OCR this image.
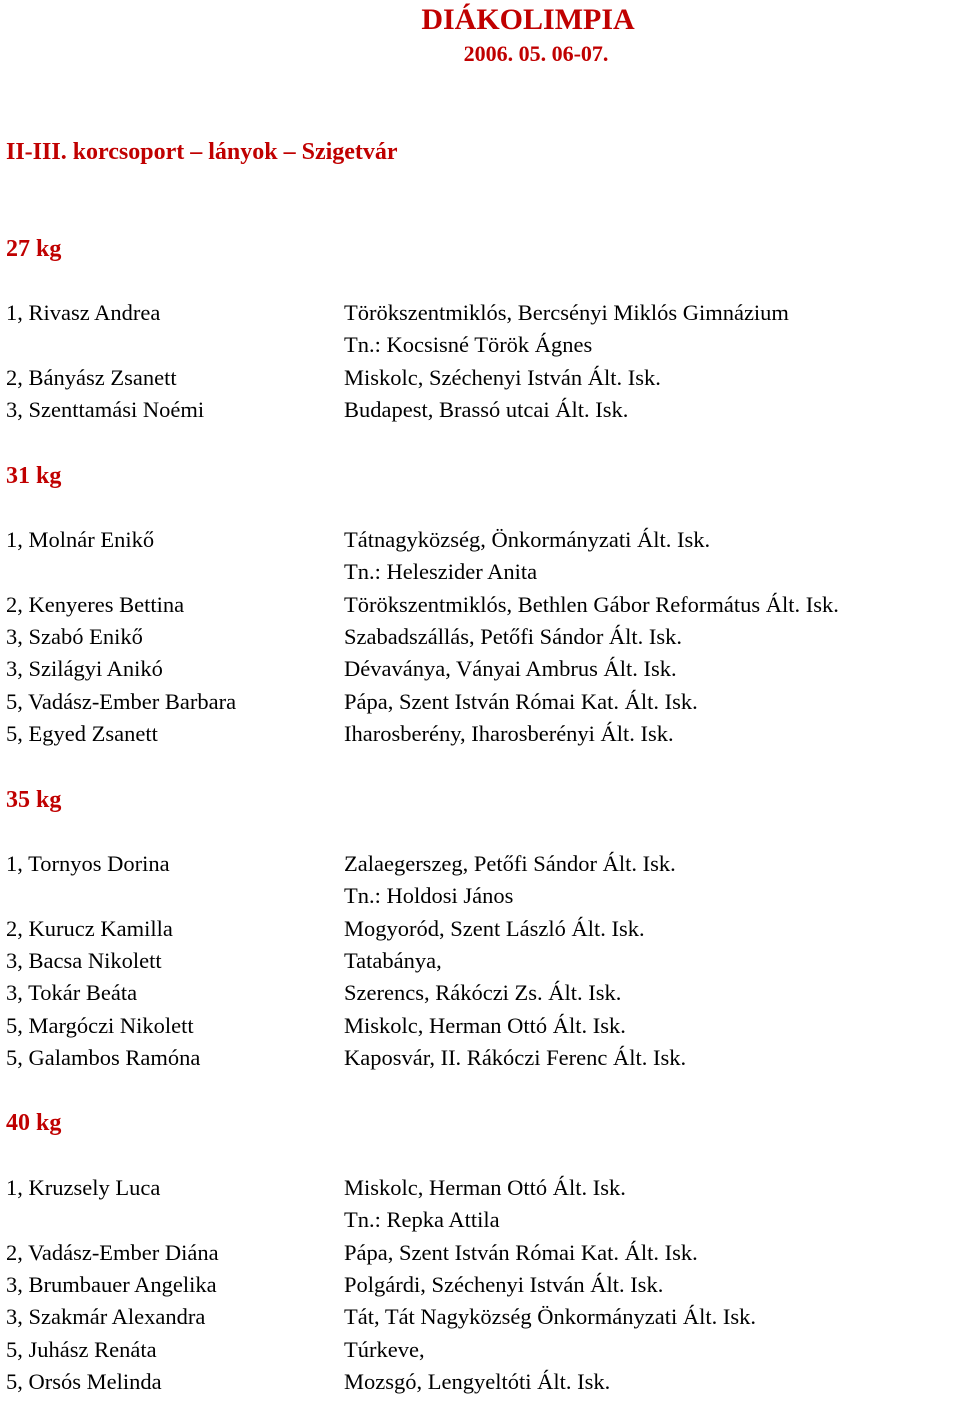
DIÁKOLIMPIA
2006. 05. 06-07.
II-III. korcsoport – lányok – Szigetvár
27 kg
1, Rivasz Andrea	Törökszentmiklós, Bercsényi Miklós Gimnázium
Tn.: Kocsisné Török Ágnes
2, Bányász Zsanett	Miskolc, Széchenyi István Ált. Isk.
3, Szenttamási Noémi	Budapest, Brassó utcai Ált. Isk.
31 kg
1, Molnár Enikő	Tátnagyközség, Önkormányzati Ált. Isk.
Tn.: Heleszider Anita
2, Kenyeres Bettina	Törökszentmiklós, Bethlen Gábor Református Ált. Isk.
3, Szabó Enikő	Szabadszállás, Petőfi Sándor Ált. Isk.
3, Szilágyi Anikó	Dévaványa, Ványai Ambrus Ált. Isk.
5, Vadász-Ember Barbara	Pápa, Szent István Római Kat. Ált. Isk.
5, Egyed Zsanett	Iharosberény, Iharosberényi Ált. Isk.
35 kg
1, Tornyos Dorina	Zalaegerszeg, Petőfi Sándor Ált. Isk.
Tn.: Holdosi János
2, Kurucz Kamilla	Mogyoród, Szent László Ált. Isk.
3, Bacsa Nikolett	Tatabánya,
3, Tokár Beáta	Szerencs, Rákóczi Zs. Ált. Isk.
5, Margóczi Nikolett	Miskolc, Herman Ottó Ált. Isk.
5, Galambos Ramóna	Kaposvár, II. Rákóczi Ferenc Ált. Isk.
40 kg
1, Kruzsely Luca	Miskolc, Herman Ottó Ált. Isk.
Tn.: Repka Attila
2, Vadász-Ember Diána	Pápa, Szent István Római Kat. Ált. Isk.
3, Brumbauer Angelika	Polgárdi, Széchenyi István Ált. Isk.
3, Szakmár Alexandra	Tát, Tát Nagyközség Önkormányzati Ált. Isk.
5, Juhász Renáta	Túrkeve,
5, Orsós Melinda	Mozsgó, Lengyeltóti Ált. Isk.
